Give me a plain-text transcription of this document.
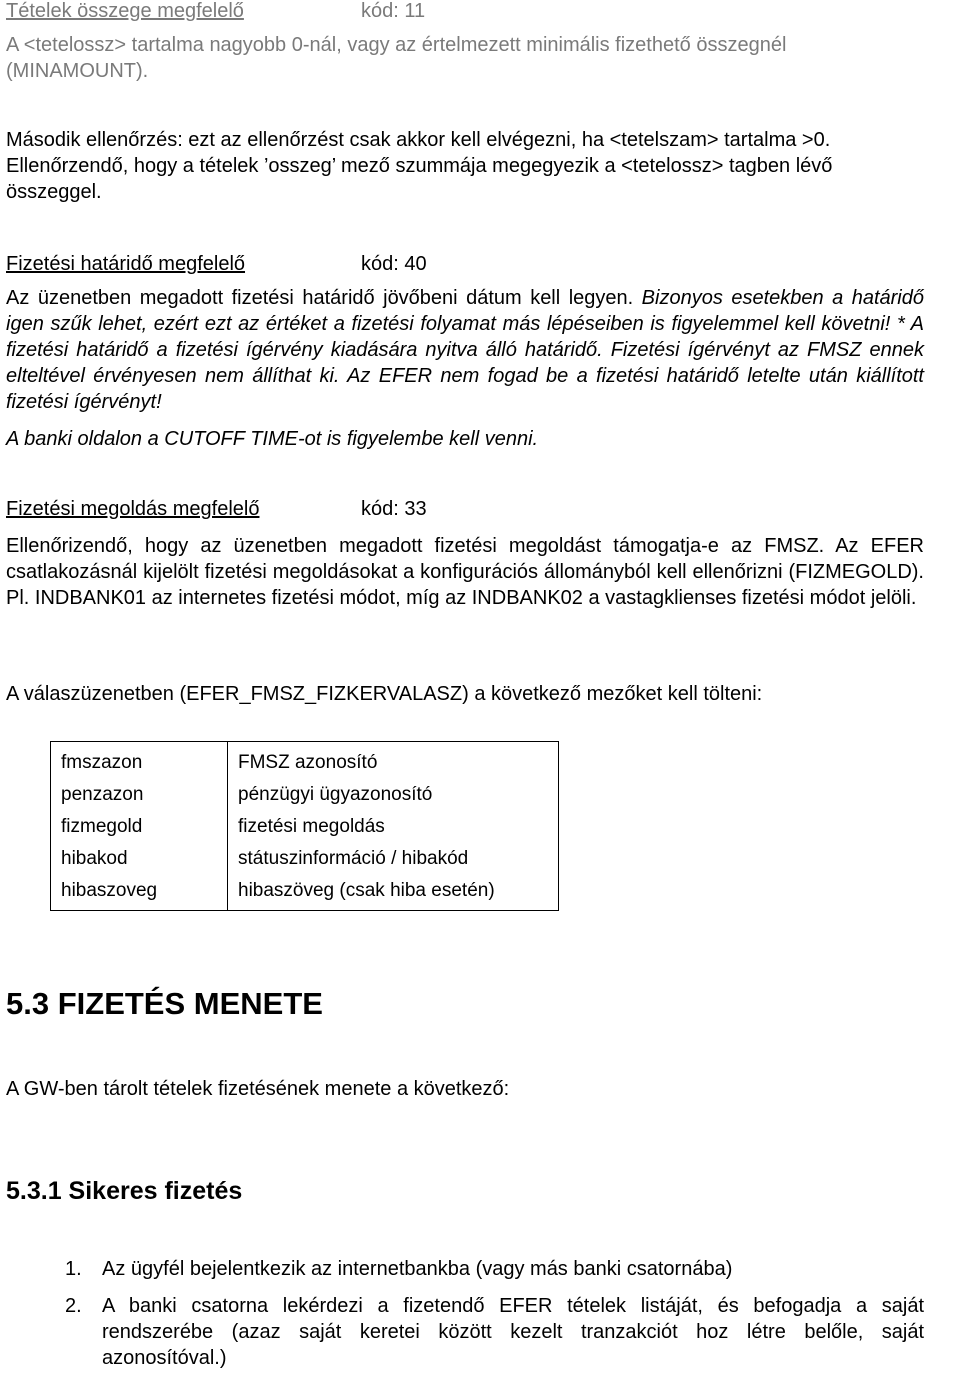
Tételek összege megfelelő	kód: 11

A <tetelossz> tartalma nagyobb 0-nál, vagy az értelmezett minimális fizethető összegnél (MINAMOUNT).

Második ellenőrzés: ezt az ellenőrzést csak akkor kell elvégezni, ha <tetelszam> tartalma >0. Ellenőrzendő, hogy a tételek ’osszeg’ mező szummája megegyezik a <tetelossz> tagben lévő összeggel.

Fizetési határidő megfelelő	kód: 40

Az üzenetben megadott fizetési határidő jövőbeni dátum kell legyen. Bizonyos esetekben a határidő igen szűk lehet, ezért ezt az értéket a fizetési folyamat más lépéseiben is figyelemmel kell követni! * A fizetési határidő a fizetési ígérvény kiadására nyitva álló határidő. Fizetési ígérvényt az FMSZ ennek elteltével érvényesen nem állíthat ki. Az EFER nem fogad be a fizetési határidő letelte után kiállított fizetési ígérvényt!

A banki oldalon a CUTOFF TIME-ot is figyelembe kell venni.

Fizetési megoldás megfelelő	kód: 33

Ellenőrizendő, hogy az üzenetben megadott fizetési megoldást támogatja-e az FMSZ. Az EFER csatlakozásnál kijelölt fizetési megoldásokat a konfigurációs állományból kell ellenőrizni (FIZMEGOLD). Pl. INDBANK01 az internetes fizetési módot, míg az INDBANK02 a vastagklienses fizetési módot jelöli.

A válaszüzenetben (EFER_FMSZ_FIZKERVALASZ) a következő mezőket kell tölteni:

fmszazon	FMSZ azonosító
penzazon	pénzügyi ügyazonosító
fizmegold	fizetési megoldás
hibakod	státuszinformáció / hibakód
hibaszoveg	hibaszöveg (csak hiba esetén)
5.3 FIZETÉS MENETE

A GW-ben tárolt tételek fizetésének menete a következő:

5.3.1 Sikeres fizetés
1. Az ügyfél bejelentkezik az internetbankba (vagy más banki csatornába)
2. A banki csatorna lekérdezi a fizetendő EFER tételek listáját, és befogadja a saját rendszerébe (azaz saját keretei között kezelt tranzakciót hoz létre belőle, saját azonosítóval.)
